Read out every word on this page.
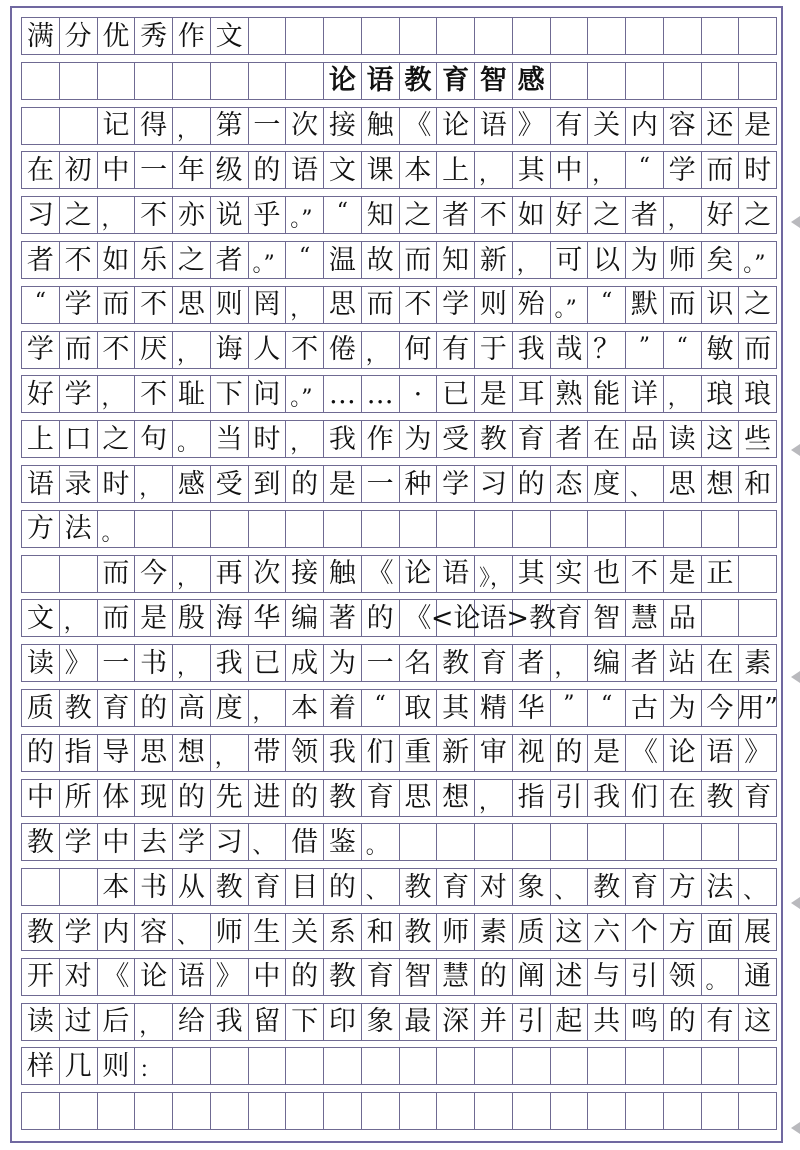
满 分 优 秀 作 文
论 语 教 育 智 感
记 得 ， 第 一 次 接 触 《 论 语 》 有 关 内 容 还 是
在 初 中 一 年 级 的 语 文 课 本 上 ， 其 中 ，	“ 学 而 时
习 之 ， 不 亦 说 乎 。”	“ 知 之 者 不 如 好 之 者 ， 好 之
者 不 如 乐 之 者 。”	“ 温 故 而 知 新 ， 可 以 为 师 矣 。”
“ 学 而 不 思 则 罔 ， 思 而 不 学 则 殆 。”	“ 默 而 识 之
学 而 不 厌 ， 诲 人 不 倦 ， 何 有 于 我 哉 ？ ”	“ 敏 而
好 学 ， 不 耻 下 问 。” … … · 已 是 耳 熟 能 详 ， 琅 琅
上 口 之 句 。 当 时 ， 我 作 为 受 教 育 者 在 品 读 这 些
语 录 时 ， 感 受 到 的 是 一 种 学 习 的 态 度 、 思 想 和
方 法 。
而 今 ， 再 次 接 触 《 论 语 》， 其 实 也 不 是 正
文 ， 而 是 殷 海 华 编 著 的 《 <论 语 >教 育 智 慧 品
读 》 一 书 ， 我 已 成 为 一 名 教 育 者 ， 编 者 站 在 素
质 教 育 的 高 度 ， 本 着 “ 取 其 精 华 ”	“ 古 为 今 用”
的 指 导 思 想 ， 带 领 我 们 重 新 审 视 的 是 《 论 语 》
中 所 体 现 的 先 进 的 教 育 思 想 ， 指 引 我 们 在 教 育
教 学 中 去 学 习 、 借 鉴 。
本 书 从 教 育 目 的 、 教 育 对 象 、 教 育 方 法 、
教 学 内 容 、 师 生 关 系 和 教 师 素 质 这 六 个 方 面 展
开 对 《 论 语 》 中 的 教 育 智 慧 的 阐 述 与 引 领 。 通
读 过 后 ， 给 我 留 下 印 象 最 深 并 引 起 共 鸣 的 有 这
样 几 则 ：
